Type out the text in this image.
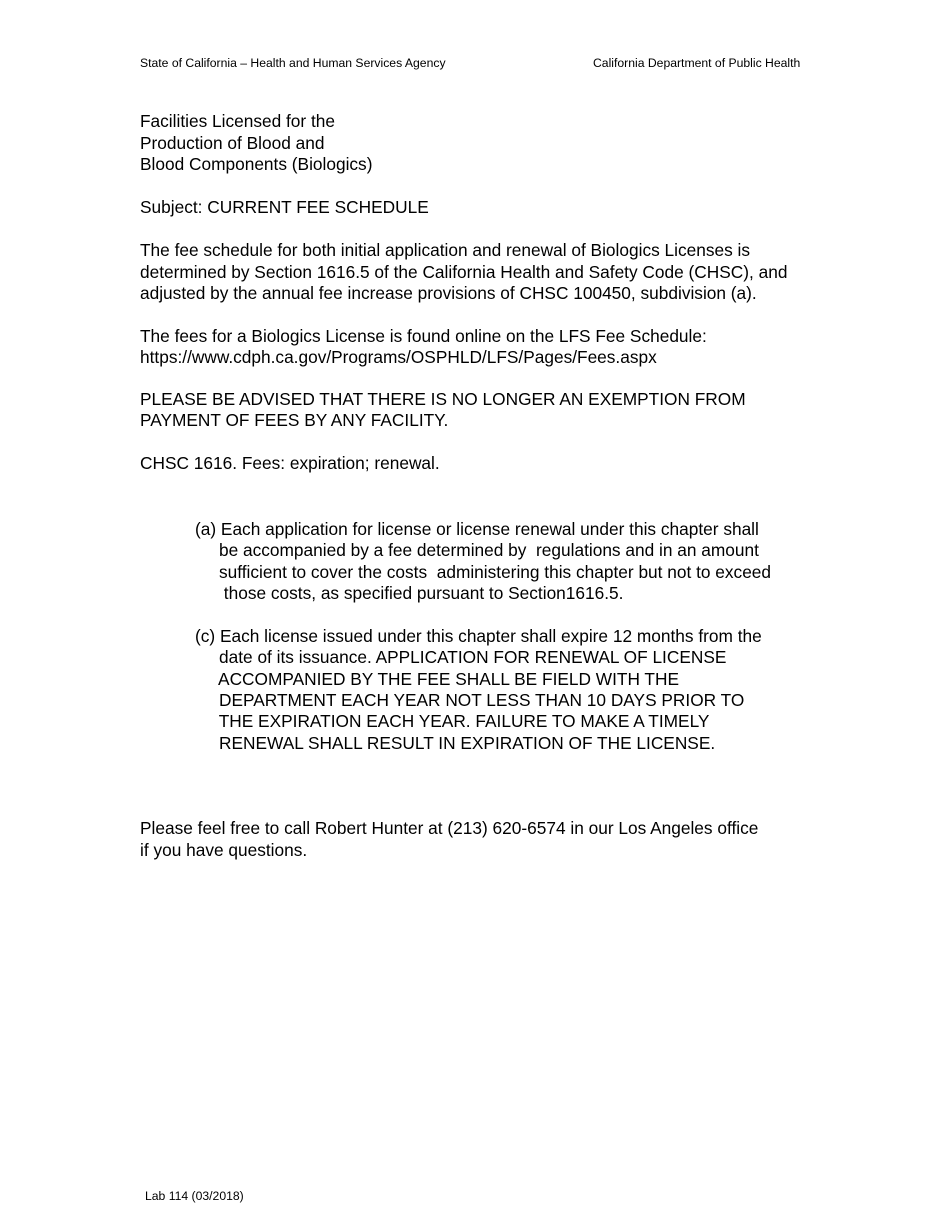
State of California – Health and Human Services Agency	California Department of Public Health
Facilities Licensed for the
Production of Blood and
Blood Components (Biologics)
Subject: CURRENT FEE SCHEDULE
The fee schedule for both initial application and renewal of Biologics Licenses is
determined by Section 1616.5 of the California Health and Safety Code (CHSC), and
adjusted by the annual fee increase provisions of CHSC 100450, subdivision (a).
The fees for a Biologics License is found online on the LFS Fee Schedule:
https://www.cdph.ca.gov/Programs/OSPHLD/LFS/Pages/Fees.aspx
PLEASE BE ADVISED THAT THERE IS NO LONGER AN EXEMPTION FROM
PAYMENT OF FEES BY ANY FACILITY.
CHSC 1616. Fees: expiration; renewal.
(a) Each application for license or license renewal under this chapter shall
be accompanied by a fee determined by  regulations and in an amount
sufficient to cover the costs  administering this chapter but not to exceed
those costs, as specified pursuant to Section1616.5.
(c) Each license issued under this chapter shall expire 12 months from the
date of its issuance. APPLICATION FOR RENEWAL OF LICENSE
ACCOMPANIED BY THE FEE SHALL BE FIELD WITH THE
DEPARTMENT EACH YEAR NOT LESS THAN 10 DAYS PRIOR TO
THE EXPIRATION EACH YEAR. FAILURE TO MAKE A TIMELY
RENEWAL SHALL RESULT IN EXPIRATION OF THE LICENSE.
Please feel free to call Robert Hunter at (213) 620-6574 in our Los Angeles office
if you have questions.
Lab 114 (03/2018)
